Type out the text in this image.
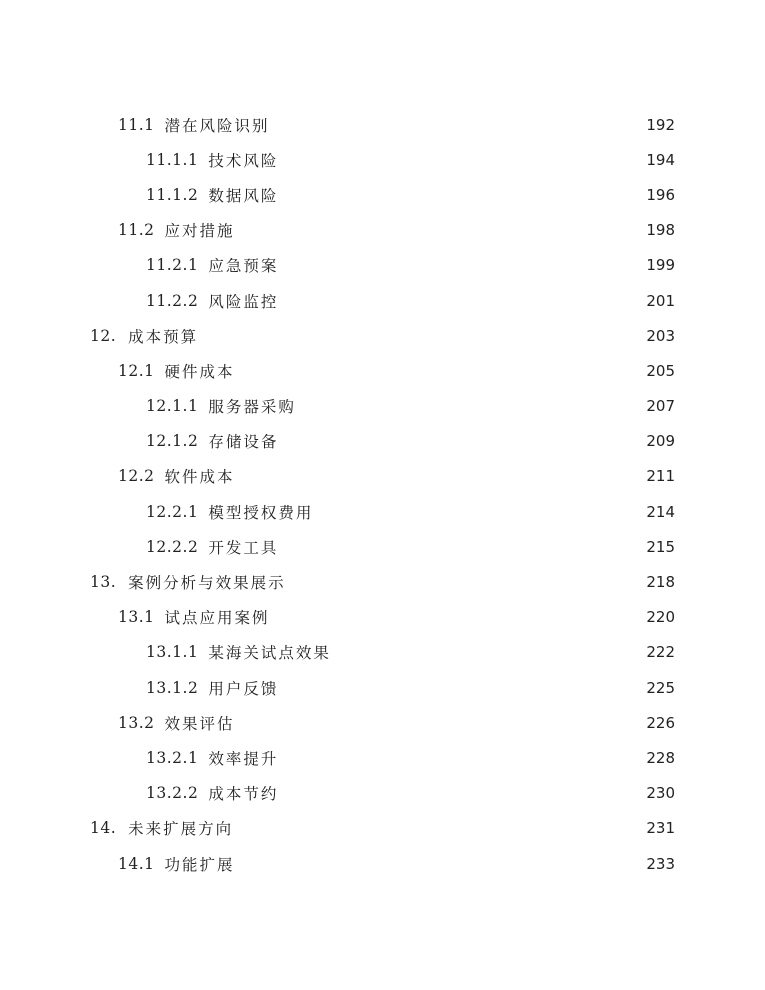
11.1 潜在风险识别	192
11.1.1 技术风险	194
11.1.2 数据风险	196
11.2 应对措施	198
11.2.1 应急预案	199
11.2.2 风险监控	201
12. 成本预算	203
12.1 硬件成本	205
12.1.1 服务器采购	207
12.1.2 存储设备	209
12.2 软件成本	211
12.2.1 模型授权费用	214
12.2.2 开发工具	215
13. 案例分析与效果展示	218
13.1 试点应用案例	220
13.1.1 某海关试点效果	222
13.1.2 用户反馈	225
13.2 效果评估	226
13.2.1 效率提升	228
13.2.2 成本节约	230
14. 未来扩展方向	231
14.1 功能扩展	233
